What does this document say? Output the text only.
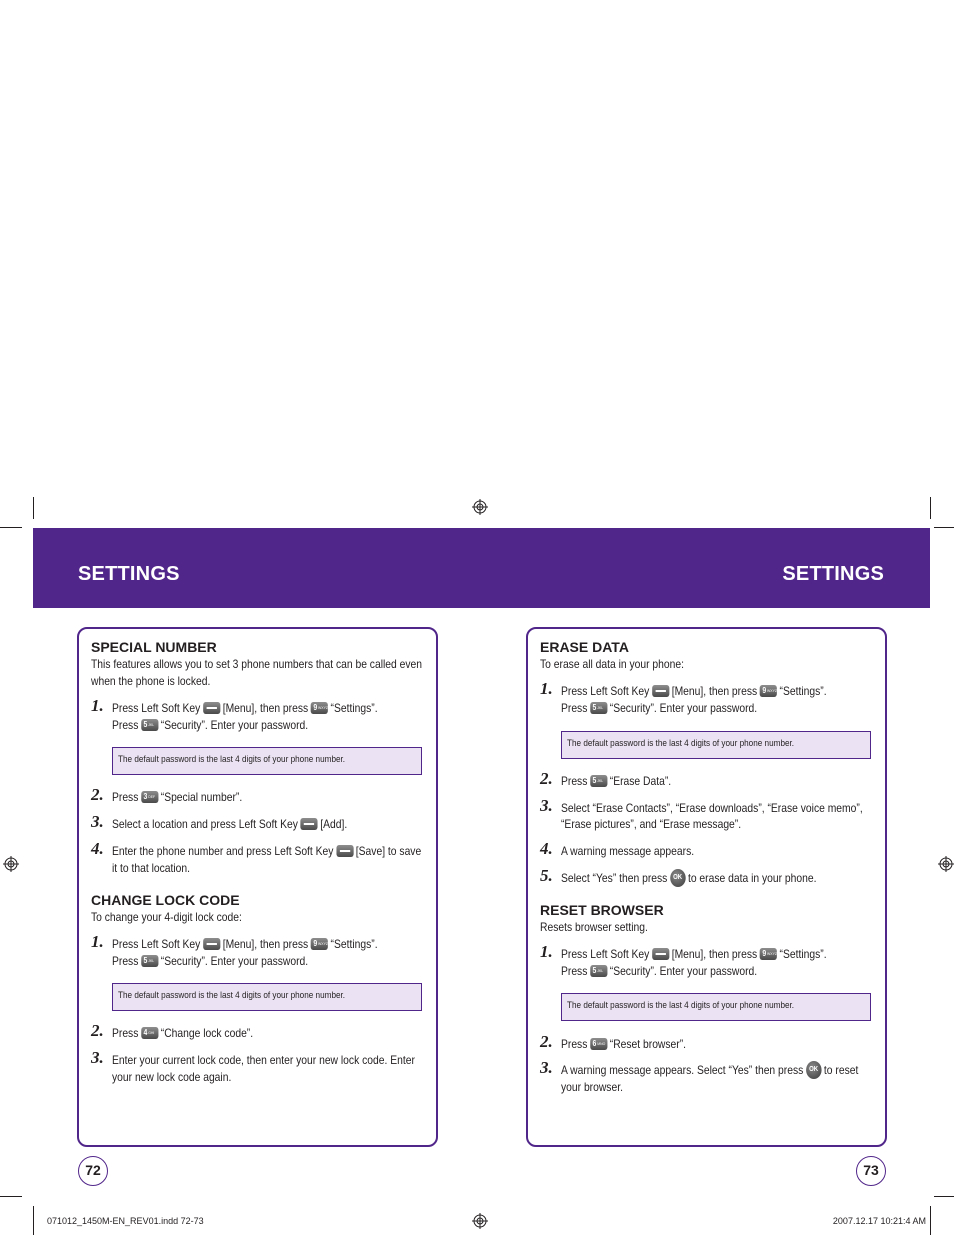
SETTINGS	SETTINGS
SPECIAL NUMBER
This features allows you to set 3 phone numbers that can be called even
when the phone is locked.
1. Press Left Soft Key [Menu], then press 9WXYZ “Settings”.
Press 5JKL “Security”. Enter your password.
The default password is the last 4 digits of your phone number.
2. Press 3DEF “Special number”.
3. Select a location and press Left Soft Key [Add].
4. Enter the phone number and press Left Soft Key [Save] to save
it to that location.
CHANGE LOCK CODE
To change your 4-digit lock code:
1. Press Left Soft Key [Menu], then press 9WXYZ “Settings”.
Press 5JKL “Security”. Enter your password.
The default password is the last 4 digits of your phone number.
2. Press 4GHI “Change lock code”.
3. Enter your current lock code, then enter your new lock code. Enter
your new lock code again.
72
ERASE DATA
To erase all data in your phone:
1. Press Left Soft Key [Menu], then press 9WXYZ “Settings”.
Press 5JKL “Security”. Enter your password.
The default password is the last 4 digits of your phone number.
2. Press 5JKL “Erase Data”.
3. Select “Erase Contacts”, “Erase downloads”, “Erase voice memo”,
“Erase pictures”, and “Erase message”.
4. A warning message appears.
5. Select “Yes” then press OK to erase data in your phone.
RESET BROWSER
Resets browser setting.
1. Press Left Soft Key [Menu], then press 9WXYZ “Settings”.
Press 5JKL “Security”. Enter your password.
The default password is the last 4 digits of your phone number.
2. Press 6MNO “Reset browser”.
3. A warning message appears. Select “Yes” then press OK to reset
your browser.
73
071012_1450M-EN_REV01.indd 72-73	2007.12.17 10:21:4 AM
